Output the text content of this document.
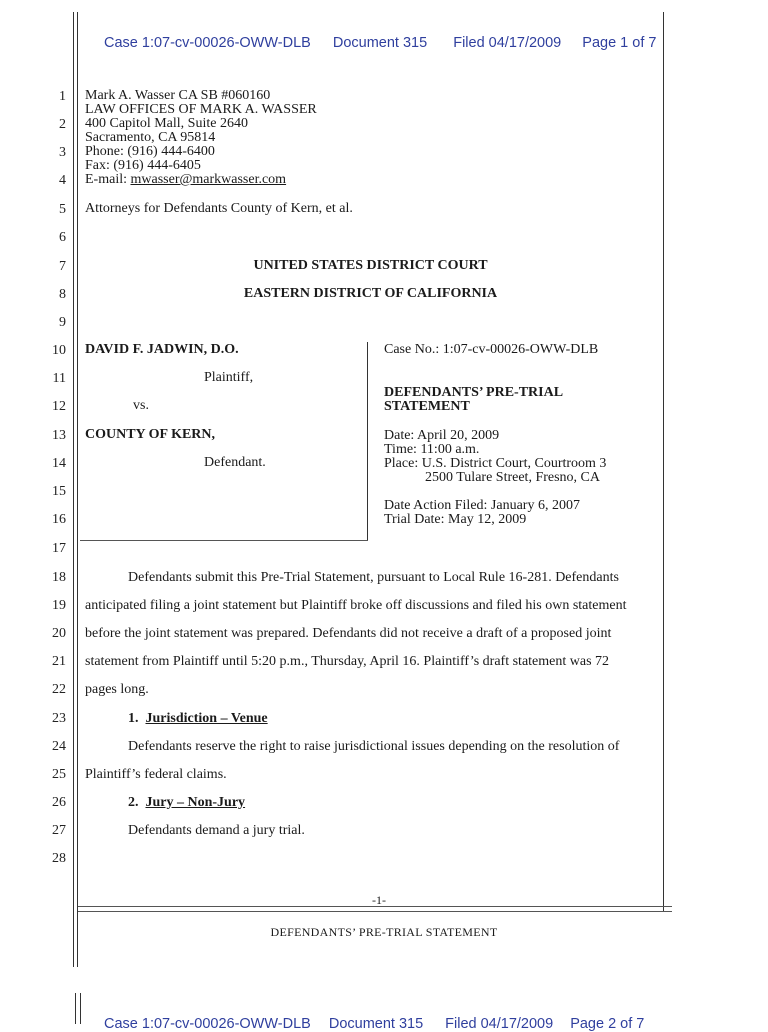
Case 1:07-cv-00026-OWW-DLB Document 315 Filed 04/17/2009 Page 1 of 7
1
2
3
4
5
6
7
8
9
10
11
12
13
14
15
16
17
18
19
20
21
22
23
24
25
26
27
28
Mark A. Wasser CA SB #060160
LAW OFFICES OF MARK A. WASSER
400 Capitol Mall, Suite 2640
Sacramento, CA 95814
Phone: (916) 444-6400
Fax: (916) 444-6405
E-mail: mwasser@markwasser.com
Attorneys for Defendants County of Kern, et al.
UNITED STATES DISTRICT COURT
EASTERN DISTRICT OF CALIFORNIA
DAVID F. JADWIN, D.O.
Plaintiff,
vs.
COUNTY OF KERN,
Defendant.
Case No.: 1:07-cv-00026-OWW-DLB
DEFENDANTS’ PRE-TRIAL
STATEMENT
Date: April 20, 2009
Time: 11:00 a.m.
Place: U.S. District Court, Courtroom 3
2500 Tulare Street, Fresno, CA
Date Action Filed: January 6, 2007
Trial Date: May 12, 2009
Defendants submit this Pre-Trial Statement, pursuant to Local Rule 16-281. Defendants
anticipated filing a joint statement but Plaintiff broke off discussions and filed his own statement
before the joint statement was prepared. Defendants did not receive a draft of a proposed joint
statement from Plaintiff until 5:20 p.m., Thursday, April 16. Plaintiff’s draft statement was 72
pages long.
1. Jurisdiction – Venue
Defendants reserve the right to raise jurisdictional issues depending on the resolution of
Plaintiff’s federal claims.
2. Jury – Non-Jury
Defendants demand a jury trial.
-1-
DEFENDANTS’ PRE-TRIAL STATEMENT
Case 1:07-cv-00026-OWW-DLB Document 315 Filed 04/17/2009 Page 2 of 7
